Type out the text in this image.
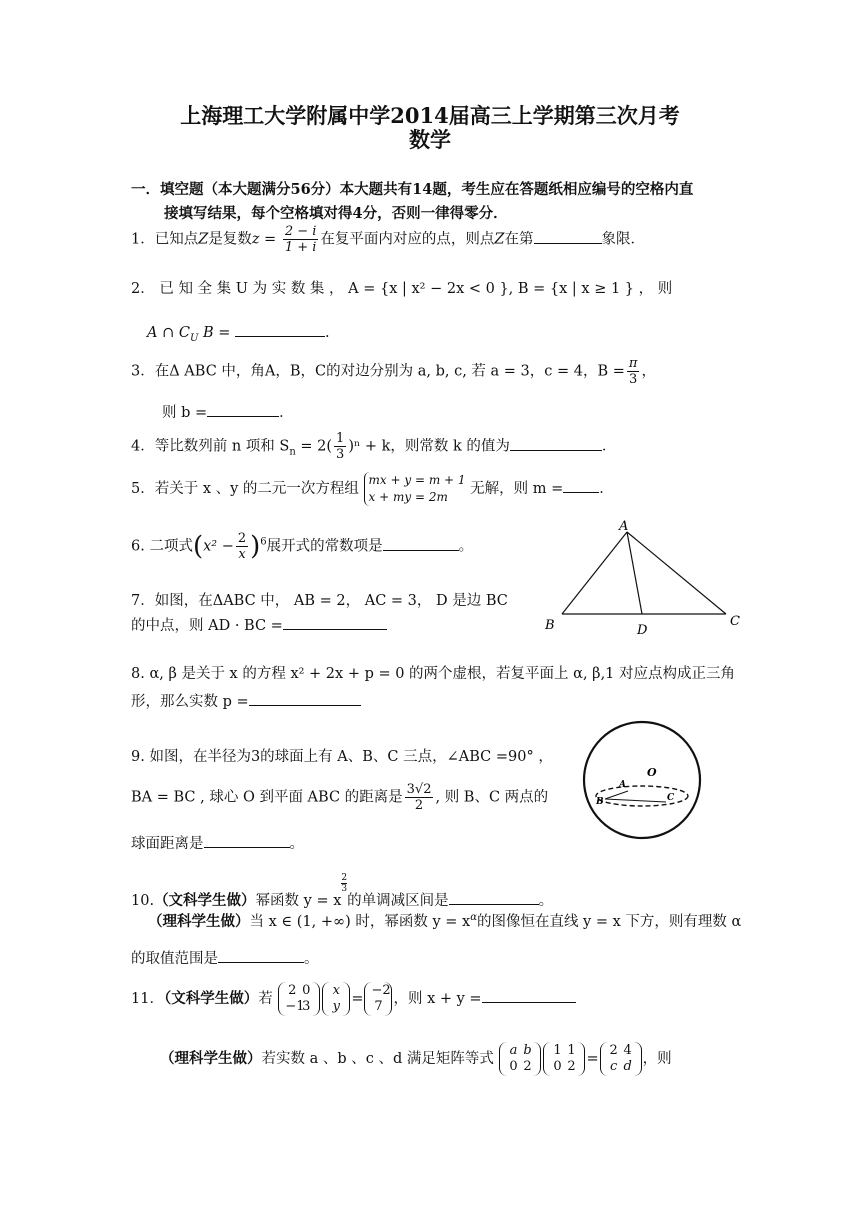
上海理工大学附属中学2014届高三上学期第三次月考
数学
一．填空题（本大题满分56分）本大题共有14题，考生应在答题纸相应编号的空格内直
接填写结果，每个空格填对得4分，否则一律得零分．
1．已知点Z是复数$z = \frac{2 - i}{1 + i}$ 在复平面内对应的点，则点Z在第	象限．
2． 已 知 全 集 U 为 实 数 集 ， A = {x | x² − 2x < 0 }, B = {x | x ≥ 1 } ， 则
A ∩ $C_U$ B =	.
3．在Δ ABC 中，角A，B，C的对边分别为 a, b, c, 若 a = 3，c = 4，$B = \frac{\pi}{3}$ ，
则 b =	．
4．等比数列前 n 项和 $S_n = 2( \frac{1}{3} )^n + k$，则常数 k 的值为	．
5．若关于 x 、y 的二元一次方程组
mx + y = m + 1
x + my = 2m	无解，则 m = ．
6. 二项式$(x^2 - \frac{2}{x} )^6$展开式的常数项是	。
A
B	C
D
7．如图，在ΔABC 中， AB = 2， AC = 3， D 是边 BC
的中点，则 AD · BC =
8. α, β 是关于 x 的方程 x² + 2x + p = 0 的两个虚根，若复平面上 α, β,1 对应点构成正三角
形，那么实数 p =
O
A
B	C
9. 如图，在半径为3的球面上有 A、B、C 三点，∠ABC =90° ，
BA = BC , 球心 O 到平面 ABC 的距离是 $\frac{3√2}{2}$ , 则 B、C 两点的
球面距离是	。
10.（文科学生做）幂函数 y = x
$^{\frac{2}{3}}$
的单调减区间是	。
（理科学生做）当 x ∈ (1, +∞) 时，幂函数 $y = x^\alpha$的图像恒在直线 y = x 下方，则有理数 α
的取值范围是	。
11．（文科学生做）若 2 0
−13x
y =−2
7 ，则 x + y =
（理科学生做）若实数 a 、b 、c 、d 满足矩阵等式 a b
0 21 1
0 2 =2 4
c d ，则
